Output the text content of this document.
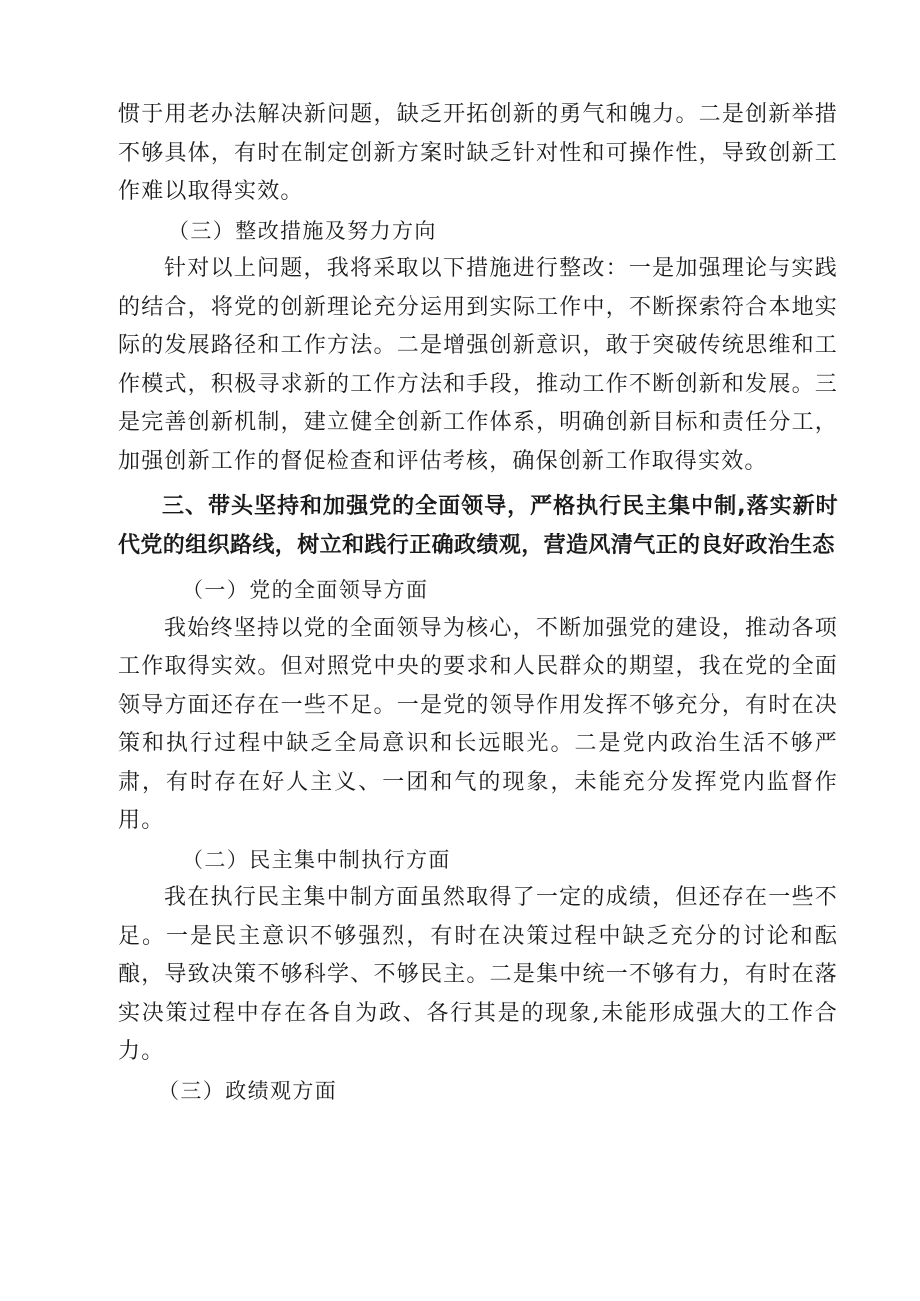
惯于用老办法解决新问题，缺乏开拓创新的勇气和魄力。二是创新举措不够具体，有时在制定创新方案时缺乏针对性和可操作性，导致创新工作难以取得实效。

（三）整改措施及努力方向

针对以上问题，我将采取以下措施进行整改：一是加强理论与实践的结合，将党的创新理论充分运用到实际工作中，不断探索符合本地实际的发展路径和工作方法。二是增强创新意识，敢于突破传统思维和工作模式，积极寻求新的工作方法和手段，推动工作不断创新和发展。三是完善创新机制，建立健全创新工作体系，明确创新目标和责任分工，加强创新工作的督促检查和评估考核，确保创新工作取得实效。

三、带头坚持和加强党的全面领导，严格执行民主集中制,落实新时代党的组织路线，树立和践行正确政绩观，营造风清气正的良好政治生态

（一）党的全面领导方面

我始终坚持以党的全面领导为核心，不断加强党的建设，推动各项工作取得实效。但对照党中央的要求和人民群众的期望，我在党的全面领导方面还存在一些不足。一是党的领导作用发挥不够充分，有时在决策和执行过程中缺乏全局意识和长远眼光。二是党内政治生活不够严肃，有时存在好人主义、一团和气的现象，未能充分发挥党内监督作用。

（二）民主集中制执行方面

我在执行民主集中制方面虽然取得了一定的成绩，但还存在一些不足。一是民主意识不够强烈，有时在决策过程中缺乏充分的讨论和酝酿，导致决策不够科学、不够民主。二是集中统一不够有力，有时在落实决策过程中存在各自为政、各行其是的现象,未能形成强大的工作合力。

（三）政绩观方面
